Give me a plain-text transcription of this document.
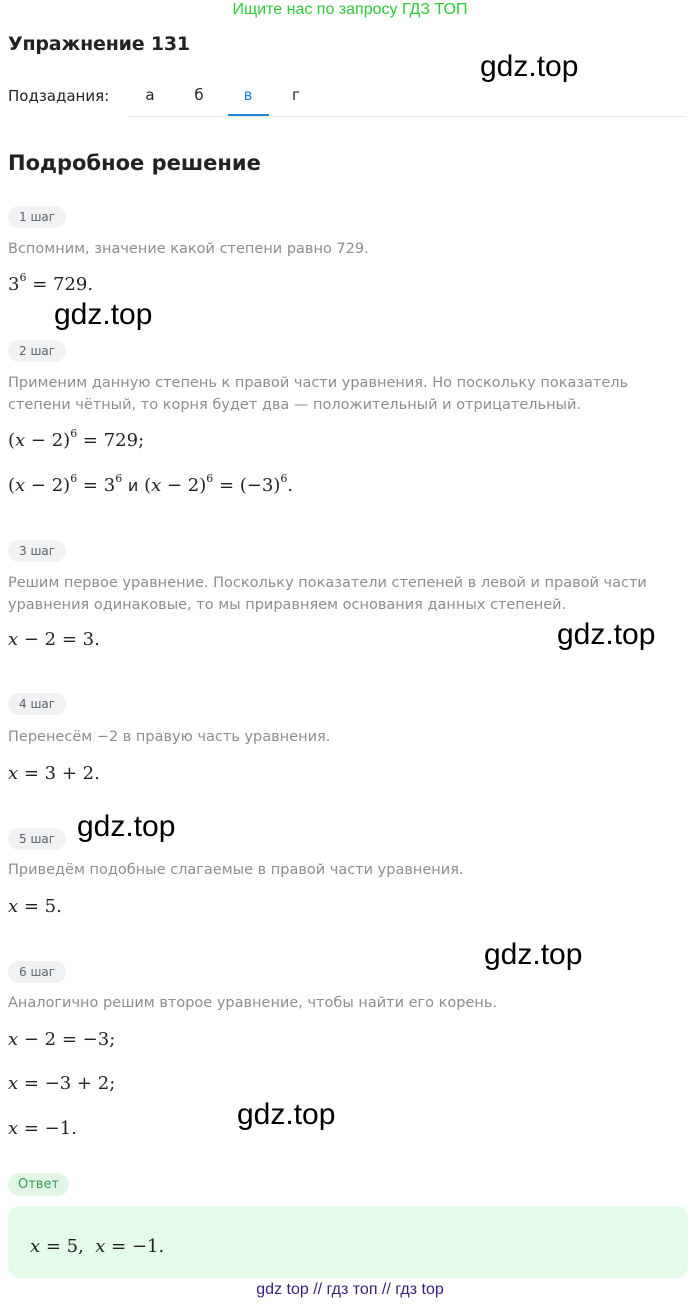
Ищите нас по запросу ГДЗ ТОП
Упражнение 131
Подзадания:	а	б	в	г
Подробное решение
1 шаг
Вспомним, значение какой степени равно 729.
$3^6 = 729$.
2 шаг
Применим данную степень к правой части уравнения. Но поскольку показатель степени чётный, то корня будет два — положительный и отрицательный.
$(x - 2)^6 = 729$;
$(x - 2)^6 = 3^6$ и $(x - 2)^6 = (-3)^6$.
3 шаг
Решим первое уравнение. Поскольку показатели степеней в левой и правой части уравнения одинаковые, то мы приравняем основания данных степеней.
x − 2 = 3.
4 шаг
Перенесём −2 в правую часть уравнения.
x = 3 + 2.
5 шаг
Приведём подобные слагаемые в правой части уравнения.
x = 5.
6 шаг
Аналогично решим второе уравнение, чтобы найти его корень.
x − 2 = −3;
x = −3 + 2;
x = −1.
Ответ
x = 5,  x = −1.
gdz.top
gdz.top
gdz.top
gdz.top
gdz.top
gdz.top
gdz top // гдз топ // гдз top
